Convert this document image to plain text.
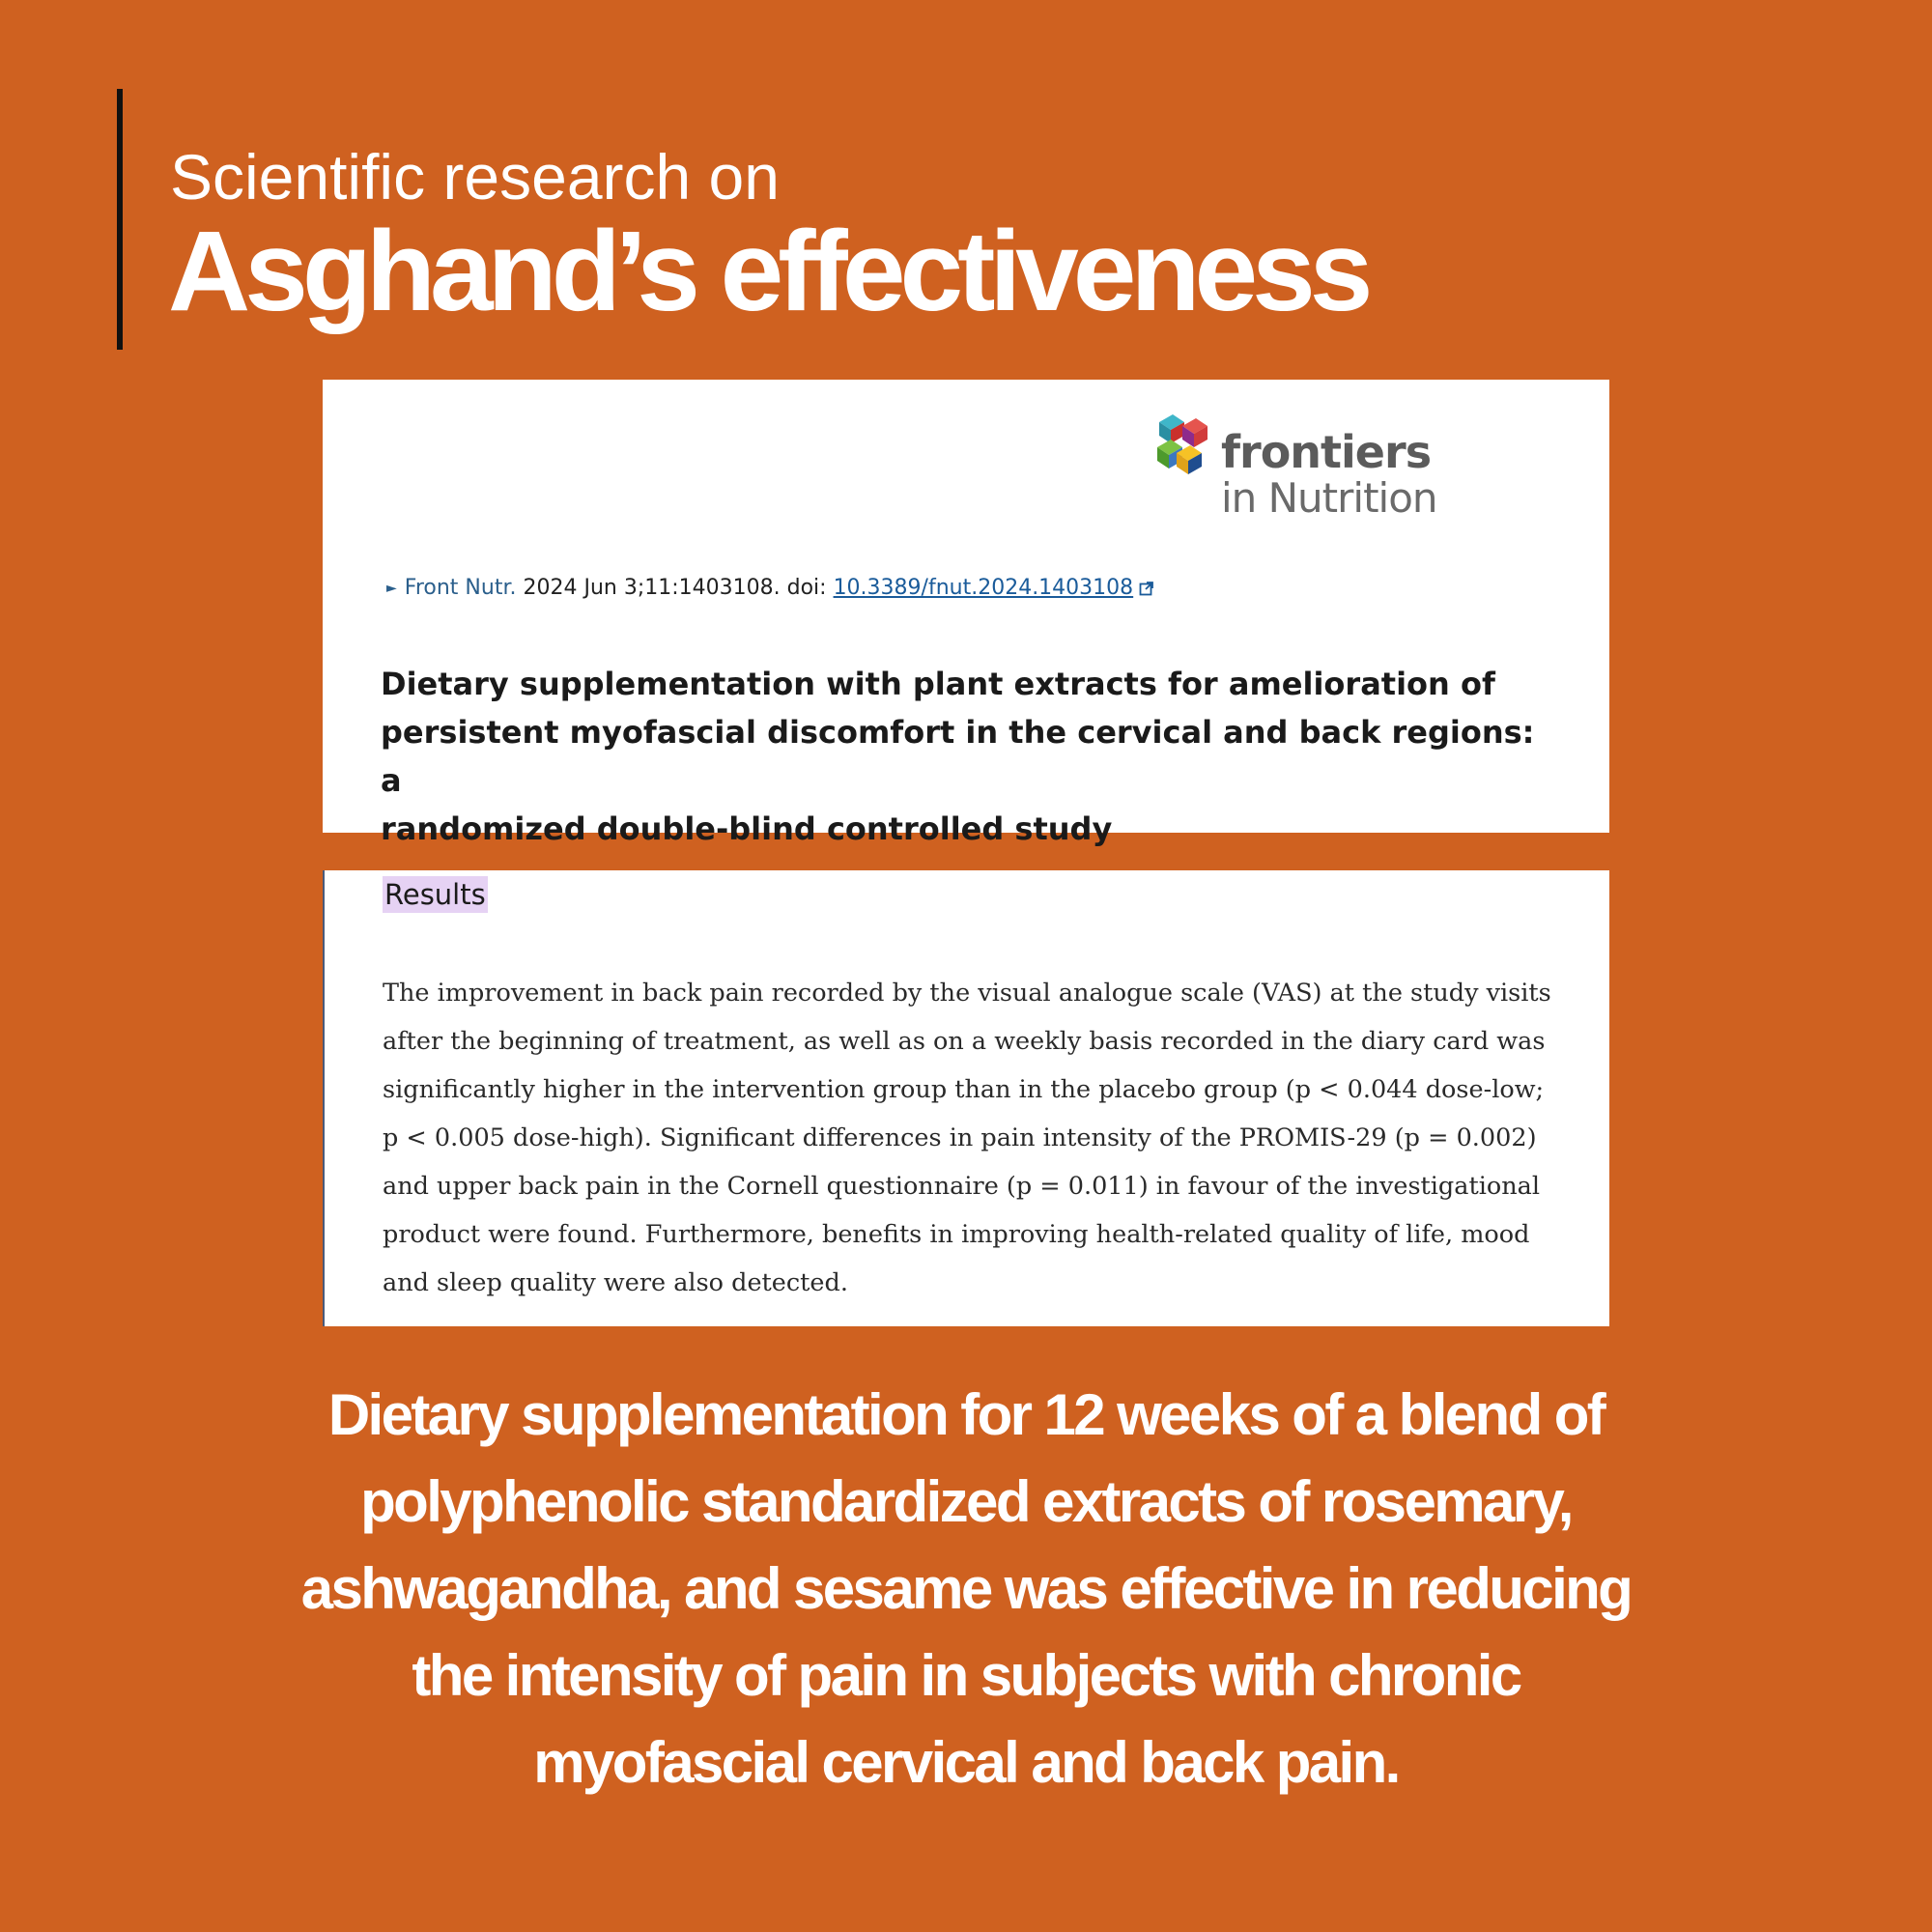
Scientific research on
Asghand’s effectiveness
frontiers
in Nutrition
► Front Nutr. 2024 Jun 3;11:1403108. doi: 10.3389/fnut.2024.1403108
Dietary supplementation with plant extracts for amelioration of
persistent myofascial discomfort in the cervical and back regions: a
randomized double-blind controlled study
Results

The improvement in back pain recorded by the visual analogue scale (VAS) at the study visits

after the beginning of treatment, as well as on a weekly basis recorded in the diary card was

significantly higher in the intervention group than in the placebo group (p < 0.044 dose-low;

p < 0.005 dose-high). Significant differences in pain intensity of the PROMIS-29 (p = 0.002)

and upper back pain in the Cornell questionnaire (p = 0.011) in favour of the investigational

product were found. Furthermore, benefits in improving health-related quality of life, mood

and sleep quality were also detected.

Dietary supplementation for 12 weeks of a blend of

polyphenolic standardized extracts of rosemary,

ashwagandha, and sesame was effective in reducing

the intensity of pain in subjects with chronic

myofascial cervical and back pain.
